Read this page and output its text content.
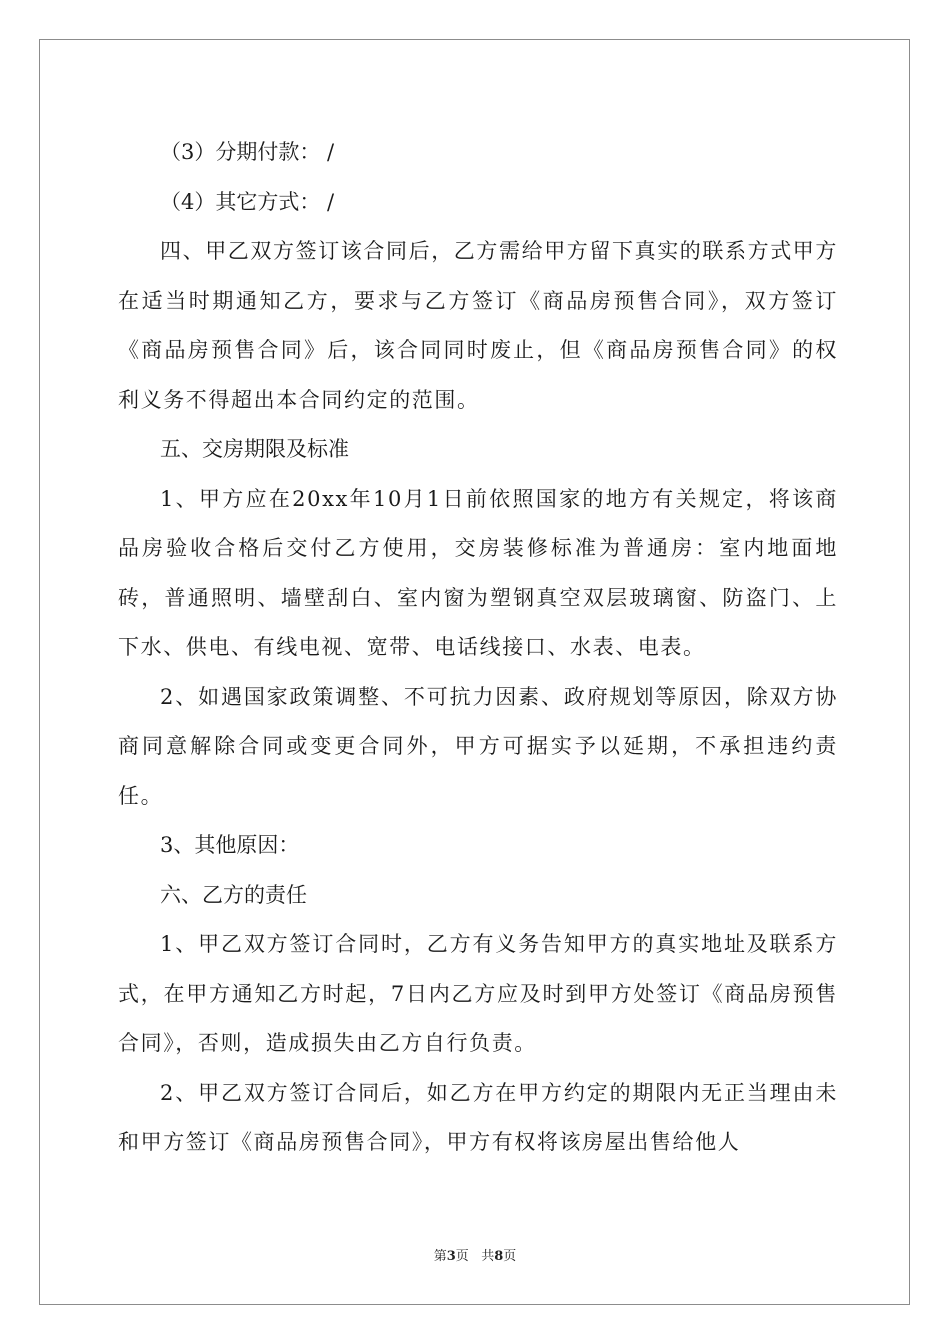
（3）分期付款： /

（4）其它方式： /

四、甲乙双方签订该合同后，乙方需给甲方留下真实的联系方式甲方在适当时期通知乙方，要求与乙方签订《商品房预售合同》，双方签订《商品房预售合同》后，该合同同时废止，但《商品房预售合同》的权利义务不得超出本合同约定的范围。

五、交房期限及标准

1、甲方应在20xx年10月1日前依照国家的地方有关规定，将该商品房验收合格后交付乙方使用，交房装修标准为普通房：室内地面地砖，普通照明、墙壁刮白、室内窗为塑钢真空双层玻璃窗、防盗门、上下水、供电、有线电视、宽带、电话线接口、水表、电表。

2、如遇国家政策调整、不可抗力因素、政府规划等原因，除双方协商同意解除合同或变更合同外，甲方可据实予以延期，不承担违约责任。

3、其他原因：

六、乙方的责任

1、甲乙双方签订合同时，乙方有义务告知甲方的真实地址及联系方式，在甲方通知乙方时起，7日内乙方应及时到甲方处签订《商品房预售合同》，否则，造成损失由乙方自行负责。

2、甲乙双方签订合同后，如乙方在甲方约定的期限内无正当理由未和甲方签订《商品房预售合同》，甲方有权将该房屋出售给他人

第3页 共8页
